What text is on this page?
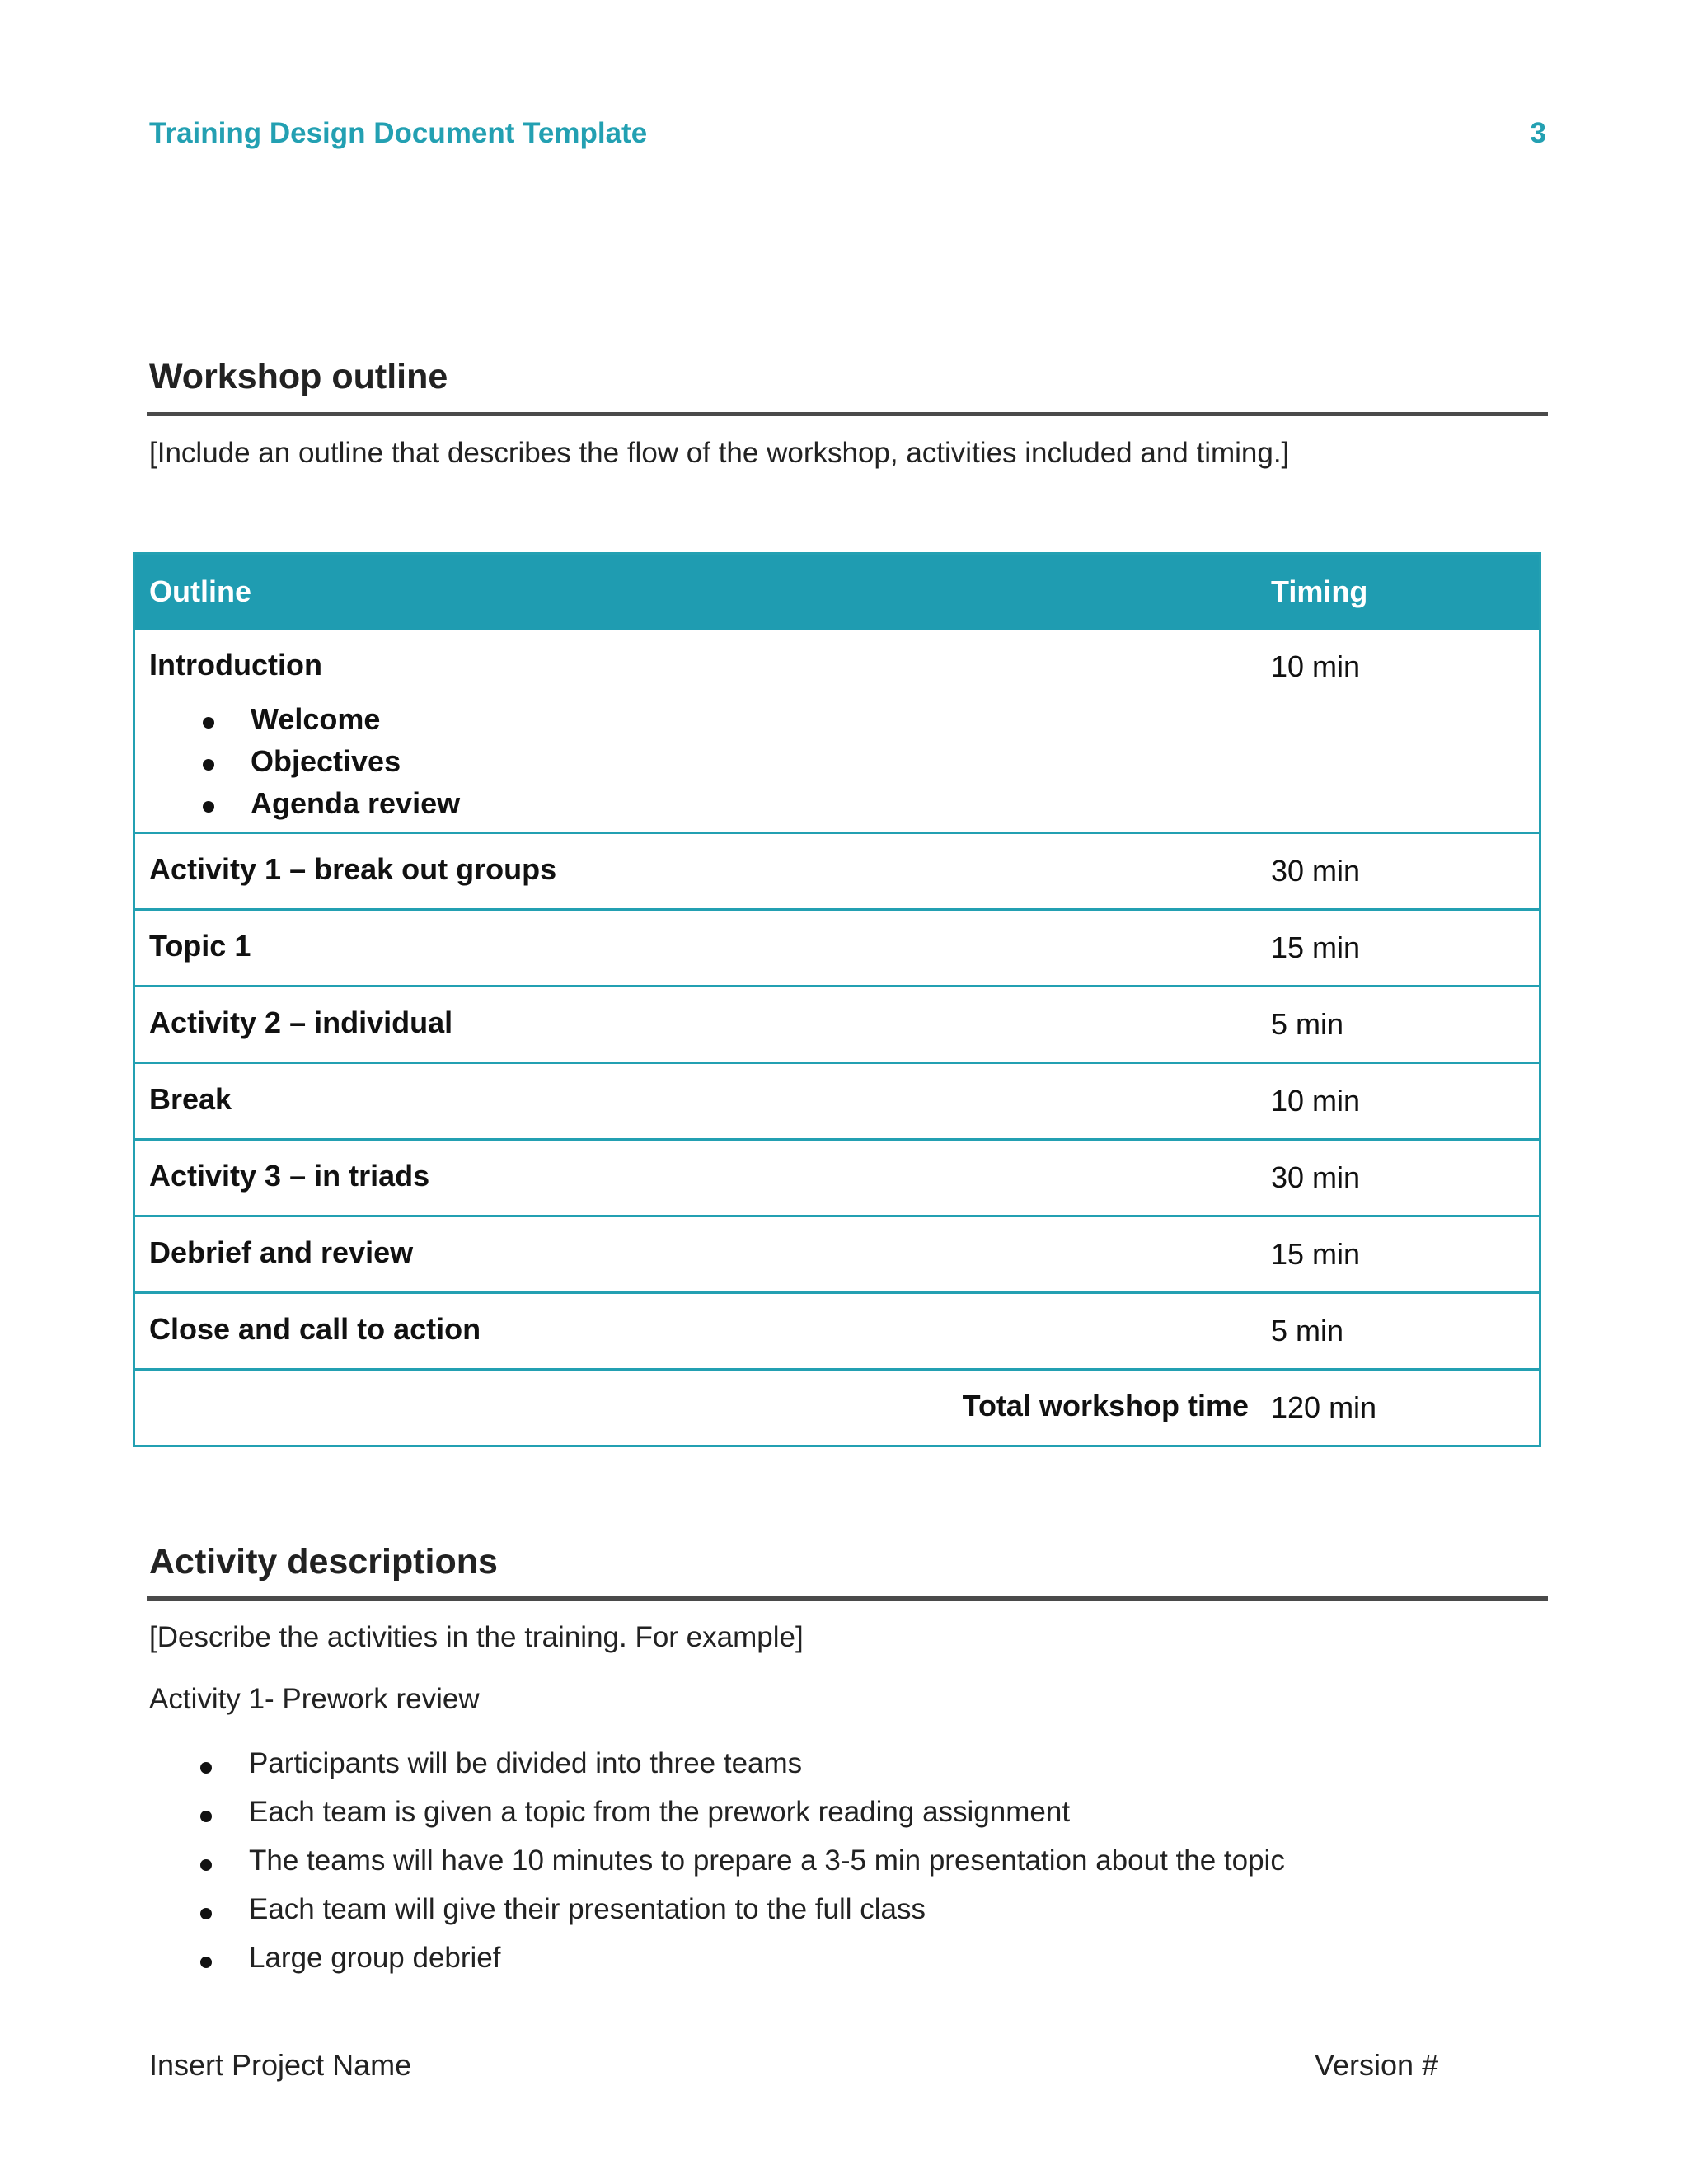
Training Design Document Template	3
Workshop outline
[Include an outline that describes the flow of the workshop, activities included and timing.]
Outline	Timing
Introduction	10 min
Welcome
Objectives
Agenda review
Activity 1 – break out groups	30 min
Topic 1	15 min
Activity 2 – individual	5 min
Break	10 min
Activity 3 – in triads	30 min
Debrief and review	15 min
Close and call to action	5 min
Total workshop time 120 min
Activity descriptions
[Describe the activities in the training. For example]
Activity 1- Prework review
Participants will be divided into three teams
Each team is given a topic from the prework reading assignment
The teams will have 10 minutes to prepare a 3-5 min presentation about the topic
Each team will give their presentation to the full class
Large group debrief
Insert Project Name	Version #
